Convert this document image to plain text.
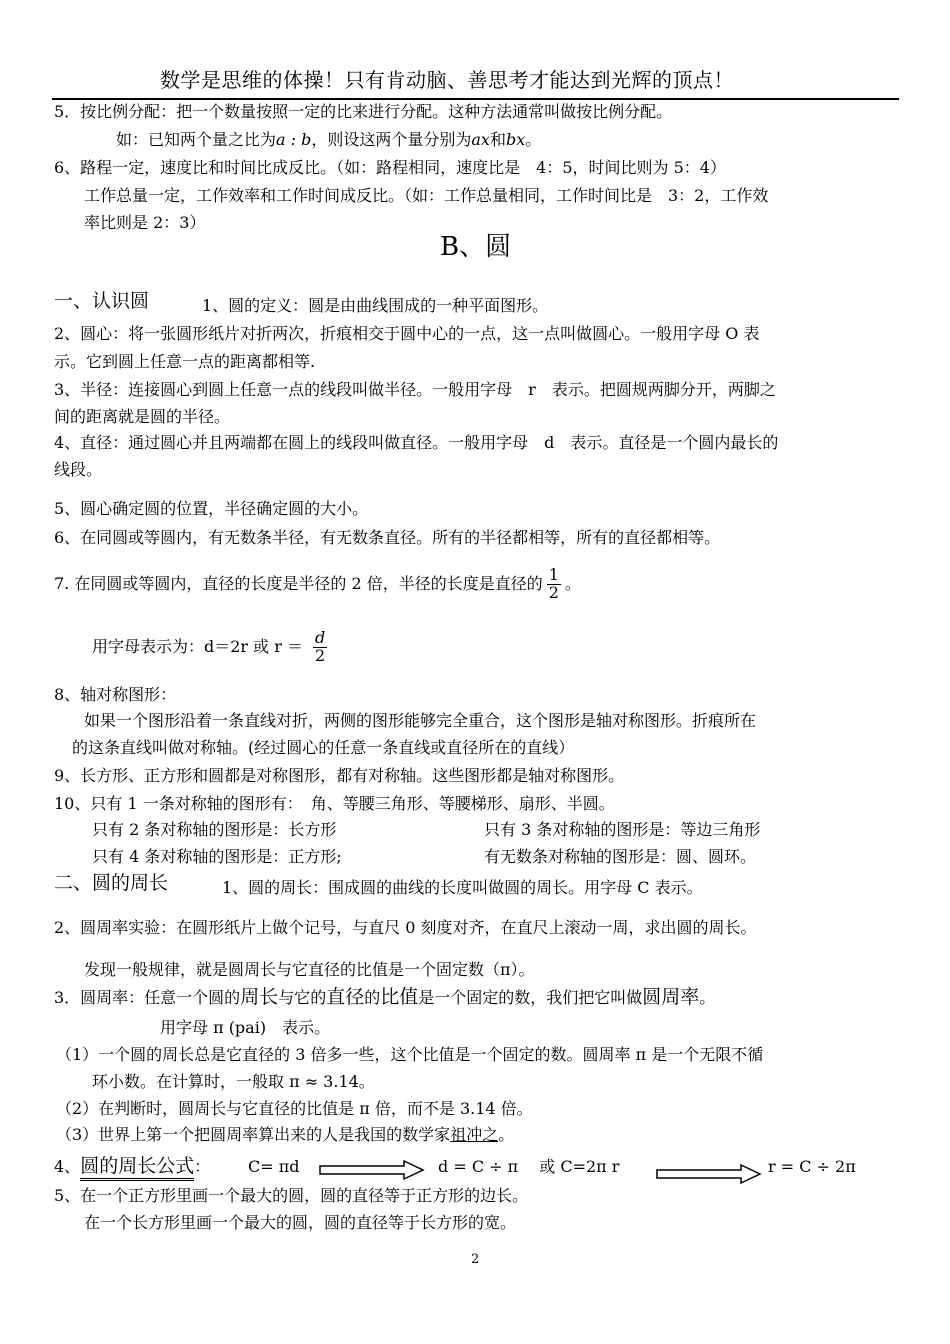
数学是思维的体操！只有肯动脑、善思考才能达到光辉的顶点！
5．按比例分配：把一个数量按照一定的比来进行分配。这种方法通常叫做按比例分配。
如：已知两个量之比为a : b，则设这两个量分别为ax和bx。
6、路程一定，速度比和时间比成反比。（如：路程相同，速度比是　4：5，时间比则为 5：4）
工作总量一定，工作效率和工作时间成反比。（如：工作总量相同，工作时间比是　3：2，工作效
率比则是 2：3）
B、圆
一、认识圆	1、圆的定义：圆是由曲线围成的一种平面图形。
2、圆心：将一张圆形纸片对折两次，折痕相交于圆中心的一点，这一点叫做圆心。一般用字母 O 表
示。它到圆上任意一点的距离都相等.
3、半径：连接圆心到圆上任意一点的线段叫做半径。一般用字母　r　表示。把圆规两脚分开，两脚之
间的距离就是圆的半径。
4、直径：通过圆心并且两端都在圆上的线段叫做直径。一般用字母　d　表示。直径是一个圆内最长的
线段。
5、圆心确定圆的位置，半径确定圆的大小。
6、在同圆或等圆内，有无数条半径，有无数条直径。所有的半径都相等，所有的直径都相等。
7. 在同圆或等圆内，直径的长度是半径的 2 倍，半径的长度是直径的 $\frac{1}{2}$ 。
用字母表示为：d＝2r 或 $r = \frac{d}{2}$
8、轴对称图形：
如果一个图形沿着一条直线对折，两侧的图形能够完全重合，这个图形是轴对称图形。折痕所在
的这条直线叫做对称轴。(经过圆心的任意一条直线或直径所在的直线）
9、长方形、正方形和圆都是对称图形，都有对称轴。这些图形都是轴对称图形。
10、只有 1 一条对称轴的图形有：　角、等腰三角形、等腰梯形、扇形、半圆。
只有 2 条对称轴的图形是：长方形	只有 3 条对称轴的图形是：等边三角形
只有 4 条对称轴的图形是：正方形;	有无数条对称轴的图形是：圆、圆环。
二、圆的周长	1、圆的周长：围成圆的曲线的长度叫做圆的周长。用字母 C 表示。
2、圆周率实验：在圆形纸片上做个记号，与直尺 0 刻度对齐，在直尺上滚动一周，求出圆的周长。
发现一般规律，就是圆周长与它直径的比值是一个固定数（π）。
3．圆周率：任意一个圆的周长与它的直径的比值是一个固定的数，我们把它叫做圆周率。
用字母 π (pai)　表示。
（1）一个圆的周长总是它直径的 3 倍多一些，这个比值是一个固定的数。圆周率 π 是一个无限不循
环小数。在计算时，一般取 π ≈ 3.14。
（2）在判断时，圆周长与它直径的比值是 π 倍，而不是 3.14 倍。
（3）世界上第一个把圆周率算出来的人是我国的数学家祖冲之。
4、圆的周长公式： C= πd	d = C ÷ π　 或 C=2π r	r = C ÷ 2π
5、在一个正方形里画一个最大的圆，圆的直径等于正方形的边长。
在一个长方形里画一个最大的圆，圆的直径等于长方形的宽。
2
